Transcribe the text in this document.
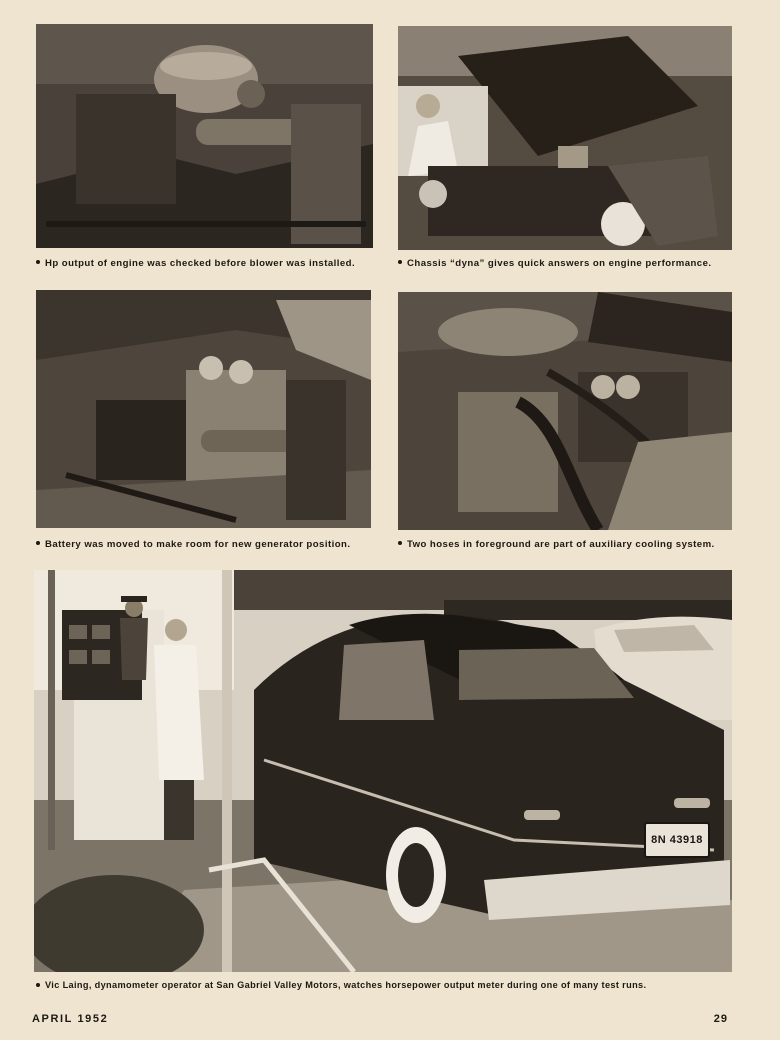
Hp output of engine was checked before blower was installed.	Chassis “dyna” gives quick answers on engine performance.
Battery was moved to make room for new generator position.	Two hoses in foreground are part of auxiliary cooling system.
8N 43918
Vic Laing, dynamometer operator at San Gabriel Valley Motors, watches horsepower output meter during one of many test runs.
APRIL 1952	29
